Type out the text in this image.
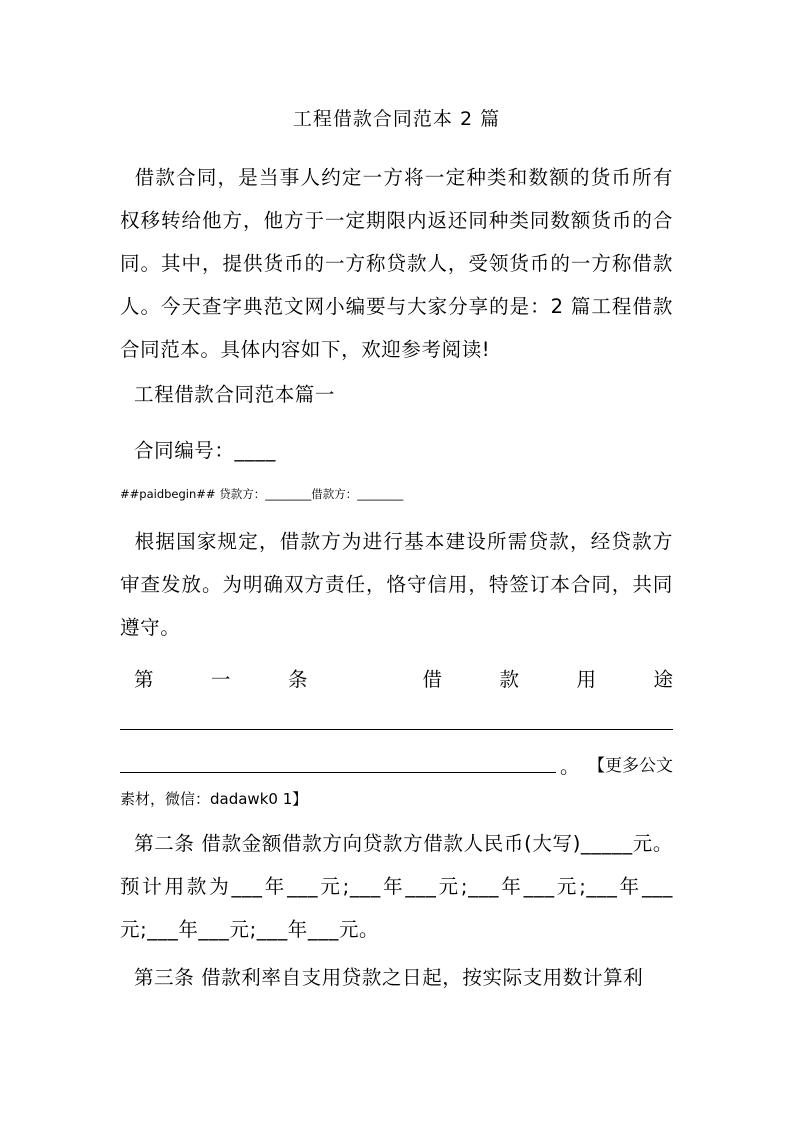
工程借款合同范本 2 篇
借款合同，是当事人约定一方将一定种类和数额的货币所有权移转给他方，他方于一定期限内返还同种类同数额货币的合同。其中，提供货币的一方称贷款人，受领货币的一方称借款人。今天查字典范文网小编要与大家分享的是：2 篇工程借款合同范本。具体内容如下，欢迎参考阅读!
工程借款合同范本篇一
合同编号：____
##paidbegin## 贷款方：________借款方：________
根据国家规定，借款方为进行基本建设所需贷款，经贷款方审查发放。为明确双方责任，恪守信用，特签订本合同，共同遵守。
第	一	条	借	款	用	途
。 【更多公文
素材，微信：dadawk0 1】
第二条 借款金额借款方向贷款方借款人民币(大写)_____元。预计用款为___年___元;___年___元;___年___元;___年___元;___年___元;___年___元。
第三条 借款利率自支用贷款之日起，按实际支用数计算利
